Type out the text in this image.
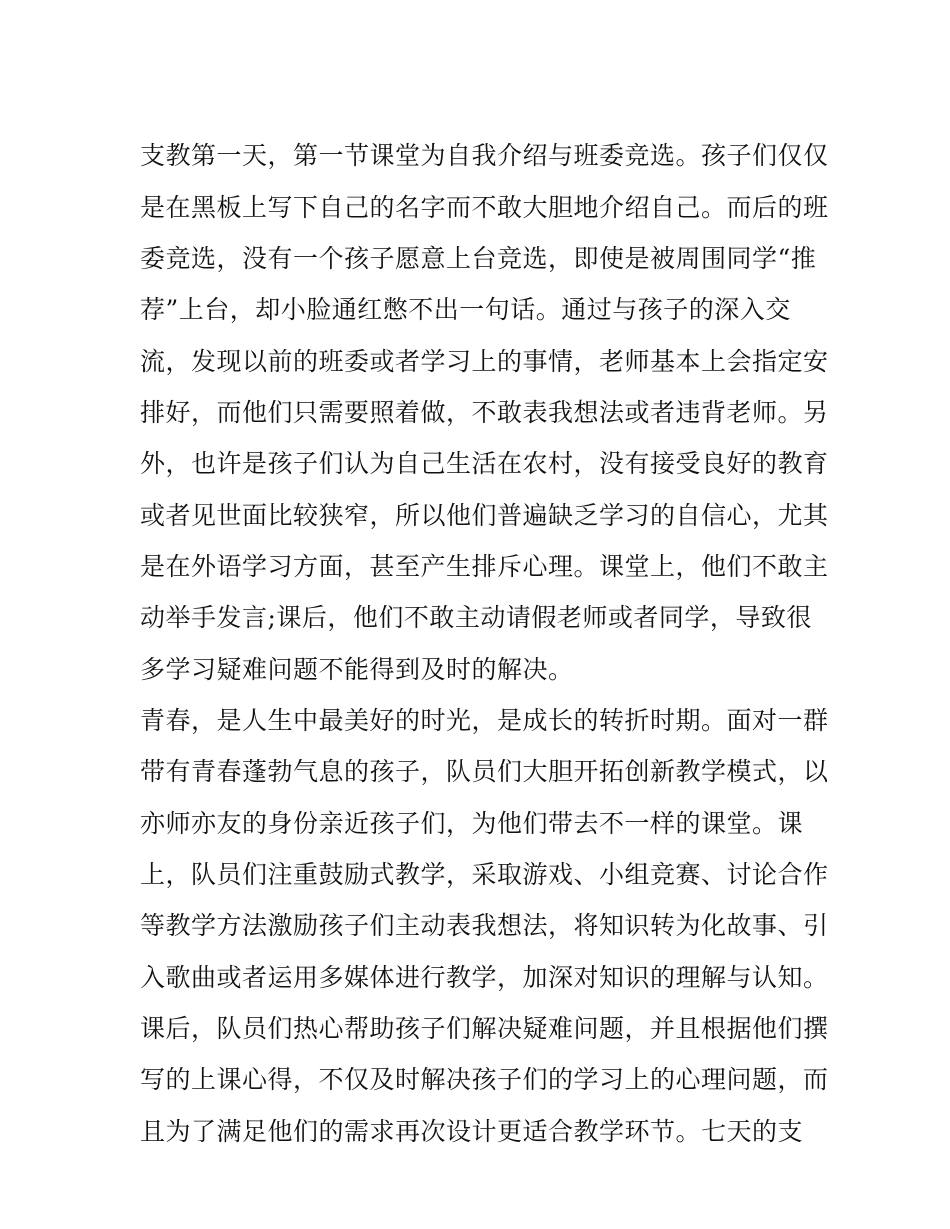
支教第一天，第一节课堂为自我介绍与班委竞选。孩子们仅仅
是在黑板上写下自己的名字而不敢大胆地介绍自己。而后的班
委竞选，没有一个孩子愿意上台竞选，即使是被周围同学“推
荐”上台，却小脸通红憋不出一句话。通过与孩子的深入交
流，发现以前的班委或者学习上的事情，老师基本上会指定安
排好，而他们只需要照着做，不敢表我想法或者违背老师。另
外，也许是孩子们认为自己生活在农村，没有接受良好的教育
或者见世面比较狭窄，所以他们普遍缺乏学习的自信心，尤其
是在外语学习方面，甚至产生排斥心理。课堂上，他们不敢主
动举手发言;课后，他们不敢主动请假老师或者同学，导致很
多学习疑难问题不能得到及时的解决。
青春，是人生中最美好的时光，是成长的转折时期。面对一群
带有青春蓬勃气息的孩子，队员们大胆开拓创新教学模式，以
亦师亦友的身份亲近孩子们，为他们带去不一样的课堂。课
上，队员们注重鼓励式教学，采取游戏、小组竞赛、讨论合作
等教学方法激励孩子们主动表我想法，将知识转为化故事、引
入歌曲或者运用多媒体进行教学，加深对知识的理解与认知。
课后，队员们热心帮助孩子们解决疑难问题，并且根据他们撰
写的上课心得，不仅及时解决孩子们的学习上的心理问题，而
且为了满足他们的需求再次设计更适合教学环节。七天的支
